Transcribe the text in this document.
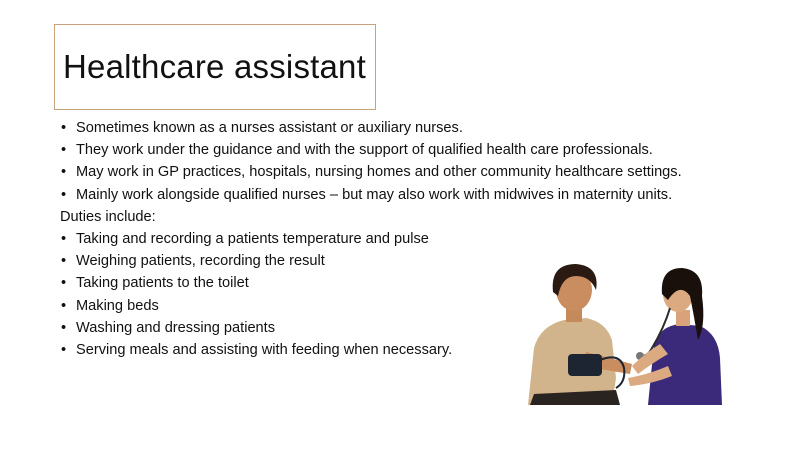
Healthcare assistant
• Sometimes known as a nurses assistant or auxiliary nurses.
• They work under the guidance and with the support of qualified health care professionals.
• May work in GP practices, hospitals, nursing homes and other community healthcare settings.
• Mainly work alongside qualified nurses – but may also work with midwives in maternity units.
Duties include:
• Taking and recording a patients temperature and pulse
• Weighing patients, recording the result
• Taking patients to the toilet
• Making beds
• Washing and dressing patients
• Serving meals and assisting with feeding when necessary.
